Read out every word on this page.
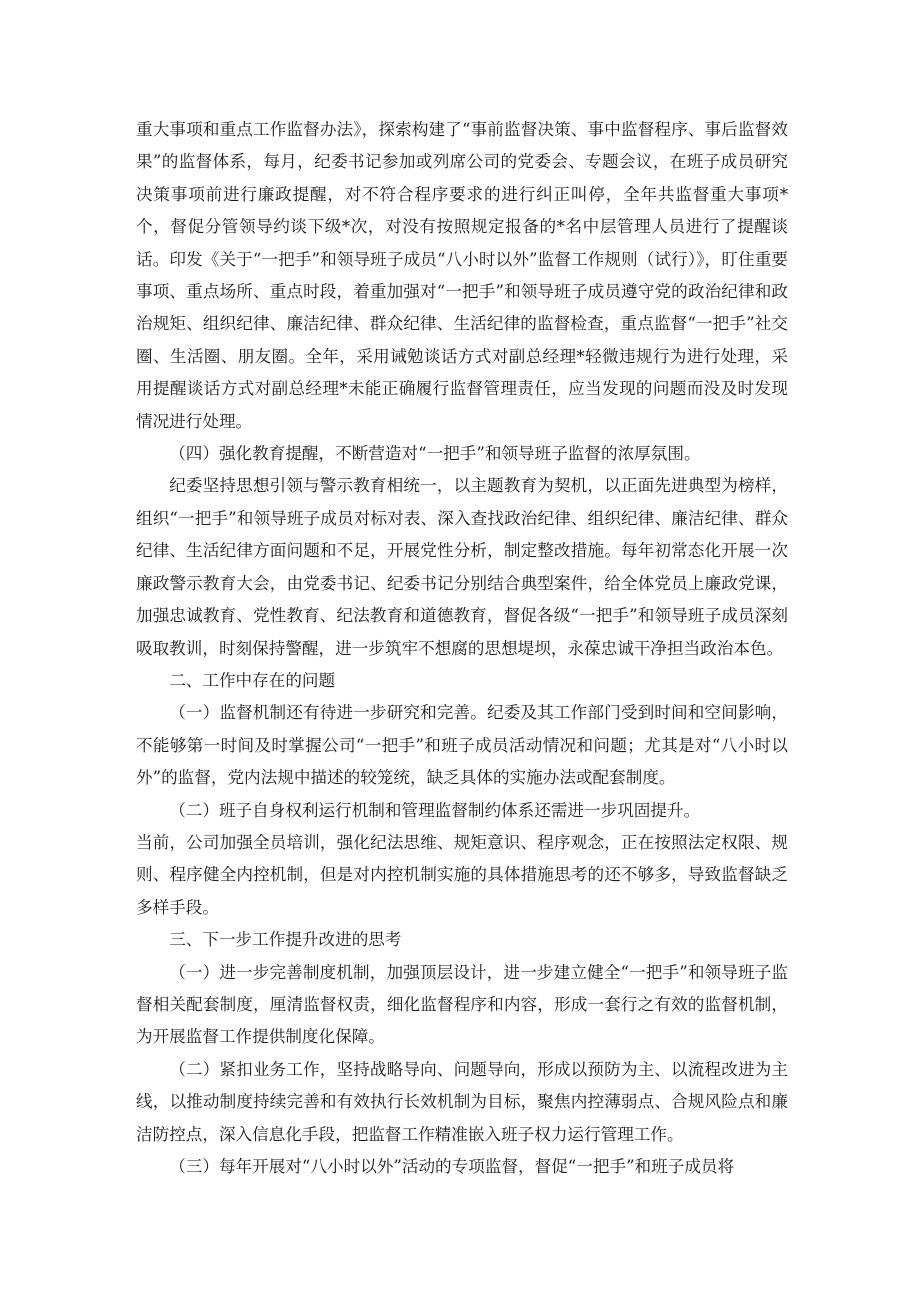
重大事项和重点工作监督办法》，探索构建了“事前监督决策、事中监督程序、事后监督效果”的监督体系，每月，纪委书记参加或列席公司的党委会、专题会议，在班子成员研究决策事项前进行廉政提醒，对不符合程序要求的进行纠正叫停，全年共监督重大事项*个，督促分管领导约谈下级*次，对没有按照规定报备的*名中层管理人员进行了提醒谈话。印发《关于“一把手”和领导班子成员“八小时以外”监督工作规则（试行）》，盯住重要事项、重点场所、重点时段，着重加强对“一把手”和领导班子成员遵守党的政治纪律和政治规矩、组织纪律、廉洁纪律、群众纪律、生活纪律的监督检查，重点监督“一把手”社交圈、生活圈、朋友圈。全年，采用诫勉谈话方式对副总经理*轻微违规行为进行处理，采用提醒谈话方式对副总经理*未能正确履行监督管理责任，应当发现的问题而没及时发现情况进行处理。

（四）强化教育提醒，不断营造对“一把手”和领导班子监督的浓厚氛围。

纪委坚持思想引领与警示教育相统一，以主题教育为契机，以正面先进典型为榜样，组织“一把手”和领导班子成员对标对表、深入查找政治纪律、组织纪律、廉洁纪律、群众纪律、生活纪律方面问题和不足，开展党性分析，制定整改措施。每年初常态化开展一次廉政警示教育大会，由党委书记、纪委书记分别结合典型案件，给全体党员上廉政党课，加强忠诚教育、党性教育、纪法教育和道德教育，督促各级“一把手”和领导班子成员深刻吸取教训，时刻保持警醒，进一步筑牢不想腐的思想堤坝，永葆忠诚干净担当政治本色。

二、工作中存在的问题

（一）监督机制还有待进一步研究和完善。纪委及其工作部门受到时间和空间影响，不能够第一时间及时掌握公司“一把手”和班子成员活动情况和问题；尤其是对“八小时以外”的监督，党内法规中描述的较笼统，缺乏具体的实施办法或配套制度。

（二）班子自身权利运行机制和管理监督制约体系还需进一步巩固提升。

当前，公司加强全员培训，强化纪法思维、规矩意识、程序观念，正在按照法定权限、规则、程序健全内控机制，但是对内控机制实施的具体措施思考的还不够多，导致监督缺乏多样手段。

三、下一步工作提升改进的思考

（一）进一步完善制度机制，加强顶层设计，进一步建立健全“一把手”和领导班子监督相关配套制度，厘清监督权责，细化监督程序和内容，形成一套行之有效的监督机制，为开展监督工作提供制度化保障。

（二）紧扣业务工作，坚持战略导向、问题导向，形成以预防为主、以流程改进为主线，以推动制度持续完善和有效执行长效机制为目标，聚焦内控薄弱点、合规风险点和廉洁防控点，深入信息化手段，把监督工作精准嵌入班子权力运行管理工作。

（三）每年开展对“八小时以外”活动的专项监督，督促“一把手”和班子成员将
